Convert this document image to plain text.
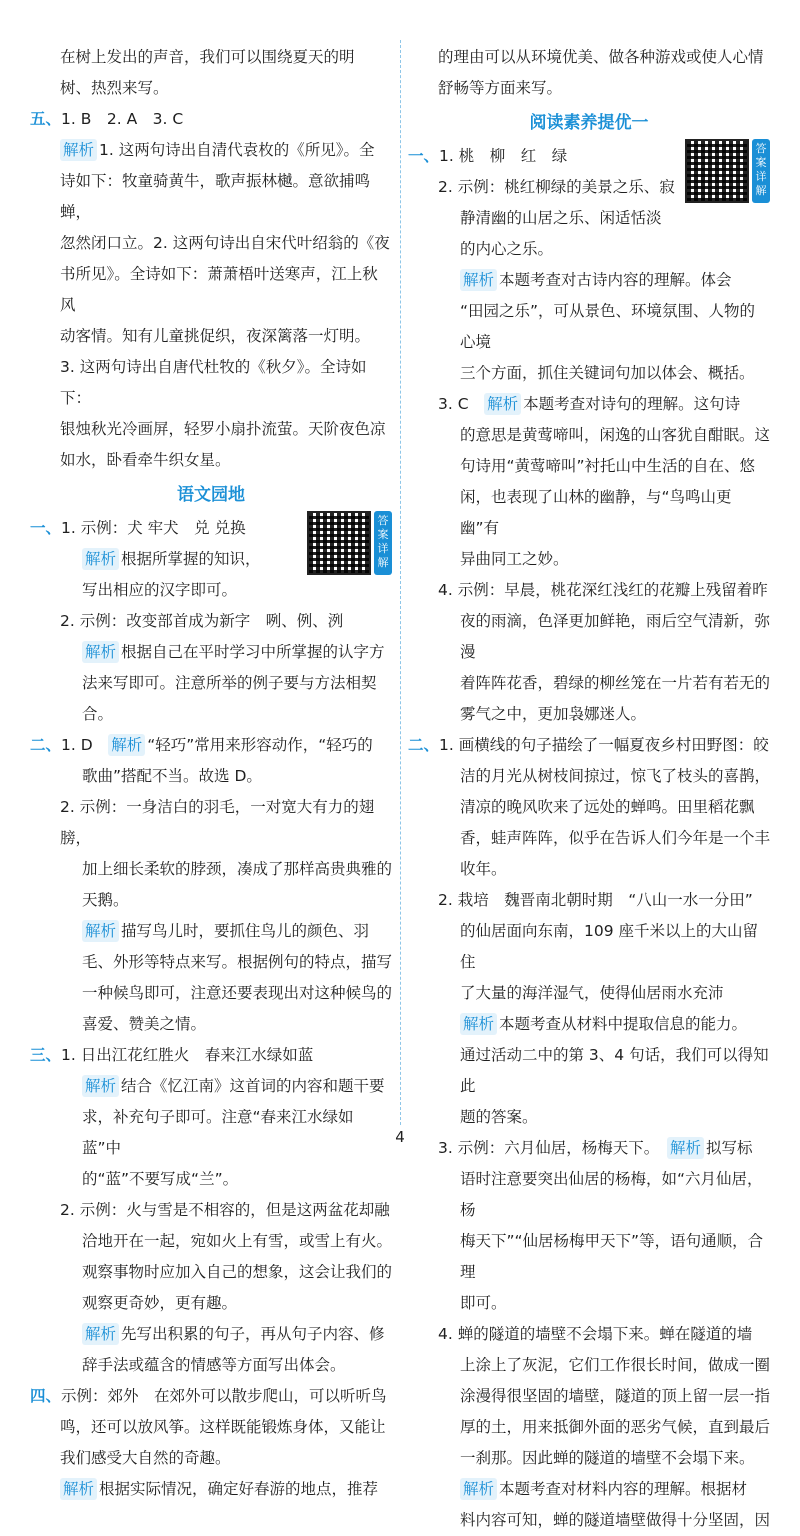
在树上发出的声音，我们可以围绕夏天的明

树、热烈来写。

五、 1. B　2. A　3. C

解析 1. 这两句诗出自清代袁枚的《所见》。全

诗如下：牧童骑黄牛，歌声振林樾。意欲捕鸣蝉，

忽然闭口立。2. 这两句诗出自宋代叶绍翁的《夜

书所见》。全诗如下：萧萧梧叶送寒声，江上秋风

动客情。知有儿童挑促织，夜深篱落一灯明。

3. 这两句诗出自唐代杜牧的《秋夕》。全诗如下：

银烛秋光冷画屏，轻罗小扇扑流萤。天阶夜色凉

如水，卧看牵牛织女星。

语文园地
答案详解
一、 1. 示例：犬 牢犬　兑 兑换

解析 根据所掌握的知识，

写出相应的汉字即可。

2. 示例：改变部首成为新字　咧、例、洌

解析 根据自己在平时学习中所掌握的认字方

法来写即可。注意所举的例子要与方法相契合。

二、 1. D　 解析 “轻巧”常用来形容动作，“轻巧的

歌曲”搭配不当。故选 D。

2. 示例：一身洁白的羽毛，一对宽大有力的翅膀，

加上细长柔软的脖颈，凑成了那样高贵典雅的

天鹅。

解析 描写鸟儿时，要抓住鸟儿的颜色、羽

毛、外形等特点来写。根据例句的特点，描写

一种候鸟即可，注意还要表现出对这种候鸟的

喜爱、赞美之情。

三、 1. 日出江花红胜火　春来江水绿如蓝

解析 结合《忆江南》这首词的内容和题干要

求，补充句子即可。注意“春来江水绿如蓝”中

的“蓝”不要写成“兰”。

2. 示例：火与雪是不相容的，但是这两盆花却融

洽地开在一起，宛如火上有雪，或雪上有火。

观察事物时应加入自己的想象，这会让我们的

观察更奇妙，更有趣。

解析 先写出积累的句子，再从句子内容、修

辞手法或蕴含的情感等方面写出体会。

四、 示例：郊外　在郊外可以散步爬山，可以听听鸟

鸣，还可以放风筝。这样既能锻炼身体，又能让

我们感受大自然的奇趣。

解析 根据实际情况，确定好春游的地点，推荐

的理由可以从环境优美、做各种游戏或使人心情

舒畅等方面来写。

阅读素养提优一
答案详解
一、 1. 桃　柳　红　绿

2. 示例：桃红柳绿的美景之乐、寂

静清幽的山居之乐、闲适恬淡

的内心之乐。

解析 本题考查对古诗内容的理解。体会

“田园之乐”，可从景色、环境氛围、人物的心境

三个方面，抓住关键词句加以体会、概括。

3. C　 解析 本题考查对诗句的理解。这句诗

的意思是黄莺啼叫，闲逸的山客犹自酣眠。这

句诗用“黄莺啼叫”衬托山中生活的自在、悠

闲，也表现了山林的幽静，与“鸟鸣山更幽”有

异曲同工之妙。

4. 示例：早晨，桃花深红浅红的花瓣上残留着昨

夜的雨滴，色泽更加鲜艳，雨后空气清新，弥漫

着阵阵花香，碧绿的柳丝笼在一片若有若无的

雾气之中，更加袅娜迷人。

二、 1. 画横线的句子描绘了一幅夏夜乡村田野图：皎

洁的月光从树枝间掠过，惊飞了枝头的喜鹊，

清凉的晚风吹来了远处的蝉鸣。田里稻花飘

香，蛙声阵阵，似乎在告诉人们今年是一个丰

收年。

2. 栽培　魏晋南北朝时期　“八山一水一分田”

的仙居面向东南，109 座千米以上的大山留住

了大量的海洋湿气，使得仙居雨水充沛

解析 本题考查从材料中提取信息的能力。

通过活动二中的第 3、4 句话，我们可以得知此

题的答案。

3. 示例：六月仙居，杨梅天下。　 解析 拟写标

语时注意要突出仙居的杨梅，如“六月仙居，杨

梅天下”“仙居杨梅甲天下”等，语句通顺，合理

即可。

4. 蝉的隧道的墙壁不会塌下来。蝉在隧道的墙

上涂上了灰泥，它们工作很长时间，做成一圈

涂漫得很坚固的墙壁，隧道的顶上留一层一指

厚的土，用来抵御外面的恶劣气候，直到最后

一刹那。因此蝉的隧道的墙壁不会塌下来。

解析 本题考查对材料内容的理解。根据材

料内容可知，蝉的隧道墙壁做得十分坚固，因

4
